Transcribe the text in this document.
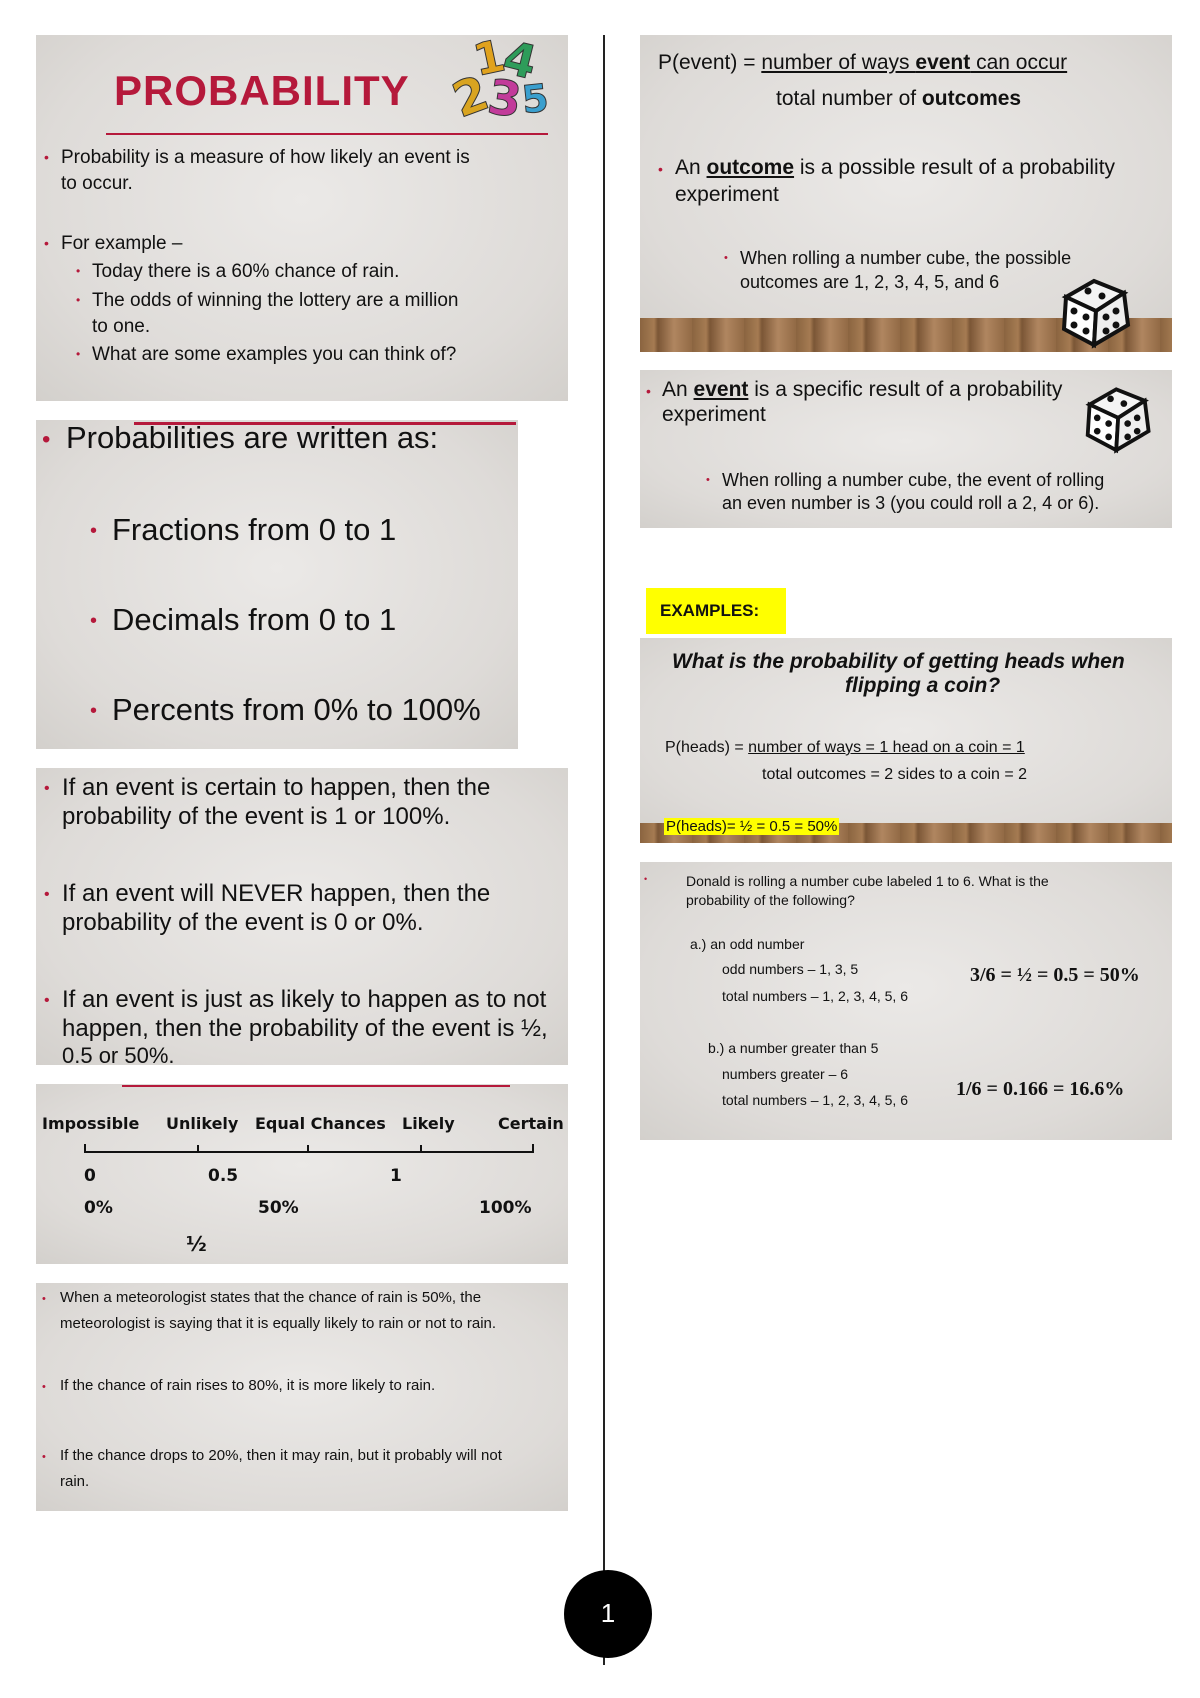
PROBABILITY
1
4
2
3
5
• Probability is a measure of how likely an event is
to occur.
• For example –
• Today there is a 60% chance of rain.
• The odds of winning the lottery are a million
to one.
• What are some examples you can think of?
• Probabilities are written as:
• Fractions from 0 to 1
• Decimals from 0 to 1
• Percents from 0% to 100%
• If an event is certain to happen, then the
probability of the event is 1 or 100%.
• If an event will NEVER happen, then the
probability of the event is 0 or 0%.
• If an event is just as likely to happen as to not
happen, then the probability of the event is ½,
0.5 or 50%.
Impossible Unlikely Equal Chances Likely	Certain
0	0.5	1
0%	50%	100%
½
• When a meteorologist states that the chance of rain is 50%, the
meteorologist is saying that it is equally likely to rain or not to rain.
• If the chance of rain rises to 80%, it is more likely to rain.
• If the chance drops to 20%, then it may rain, but it probably will not
rain.
P(event) = number of ways event can occur
total number of outcomes
• An outcome is a possible result of a probability
experiment
• When rolling a number cube, the possible
outcomes are 1, 2, 3, 4, 5, and 6
• An event is a specific result of a probability
experiment
• When rolling a number cube, the event of rolling
an even number is 3 (you could roll a 2, 4 or 6).
EXAMPLES:
What is the probability of getting heads when
flipping a coin?
P(heads) = number of ways = 1 head on a coin = 1
total outcomes = 2 sides to a coin = 2
P(heads)= ½ = 0.5 = 50%
•	Donald is rolling a number cube labeled 1 to 6. What is the
probability of the following?
a.) an odd number
odd numbers – 1, 3, 5
total numbers – 1, 2, 3, 4, 5, 6
3/6 = ½ = 0.5 = 50%
b.) a number greater than 5
numbers greater – 6
total numbers – 1, 2, 3, 4, 5, 6 1/6 = 0.166 = 16.6%
1
